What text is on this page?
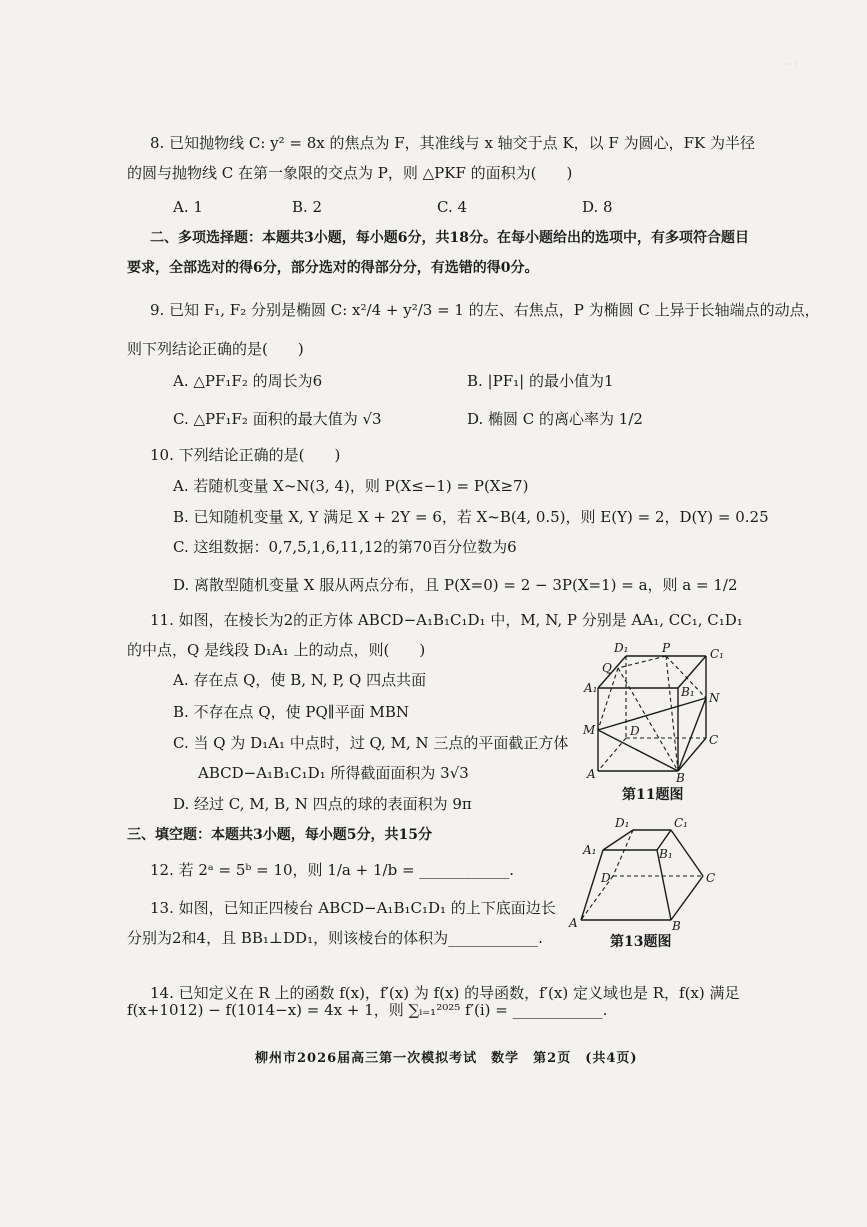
· · ·
8. 已知抛物线 C: y² = 8x 的焦点为 F，其准线与 x 轴交于点 K，以 F 为圆心，FK 为半径
的圆与抛物线 C 在第一象限的交点为 P，则 △PKF 的面积为(　　)
A. 1	B. 2	C. 4	D. 8
二、多项选择题：本题共3小题，每小题6分，共18分。在每小题给出的选项中，有多项符合题目
要求，全部选对的得6分，部分选对的得部分分，有选错的得0分。
9. 已知 F₁, F₂ 分别是椭圆 C: x²/4 + y²/3 = 1 的左、右焦点，P 为椭圆 C 上异于长轴端点的动点，
则下列结论正确的是(　　)
A. △PF₁F₂ 的周长为6	B. |PF₁| 的最小值为1
C. △PF₁F₂ 面积的最大值为 √3	D. 椭圆 C 的离心率为 1/2
10. 下列结论正确的是(　　)
A. 若随机变量 X~N(3, 4)，则 P(X≤−1) = P(X≥7)
B. 已知随机变量 X, Y 满足 X + 2Y = 6，若 X~B(4, 0.5)，则 E(Y) = 2，D(Y) = 0.25
C. 这组数据：0,7,5,1,6,11,12的第70百分位数为6
D. 离散型随机变量 X 服从两点分布，且 P(X=0) = 2 − 3P(X=1) = a，则 a = 1/2
11. 如图，在棱长为2的正方体 ABCD−A₁B₁C₁D₁ 中，M, N, P 分别是 AA₁, CC₁, C₁D₁
的中点，Q 是线段 D₁A₁ 上的动点，则(　　)
A. 存在点 Q，使 B, N, P, Q 四点共面
B. 不存在点 Q，使 PQ∥平面 MBN
C. 当 Q 为 D₁A₁ 中点时，过 Q, M, N 三点的平面截正方体
ABCD−A₁B₁C₁D₁ 所得截面面积为 3√3
D. 经过 C, M, B, N 四点的球的表面积为 9π
D₁	P	C₁
Q
A₁	B₁ N
M	D
C
A	B
第11题图
三、填空题：本题共3小题，每小题5分，共15分
12. 若 2ᵃ = 5ᵇ = 10，则 1/a + 1/b = ____________.
13. 如图，已知正四棱台 ABCD−A₁B₁C₁D₁ 的上下底面边长
分别为2和4，且 BB₁⊥DD₁，则该棱台的体积为____________.
D₁	C₁
A₁	B₁
D	C
A	B
第13题图
14. 已知定义在 R 上的函数 f(x)，f′(x) 为 f(x) 的导函数，f′(x) 定义域也是 R，f(x) 满足
f(x+1012) − f(1014−x) = 4x + 1，则 ∑ᵢ₌₁²⁰²⁵ f′(i) = ____________.
柳州市2026届高三第一次模拟考试　数学　第2页　(共4页)
